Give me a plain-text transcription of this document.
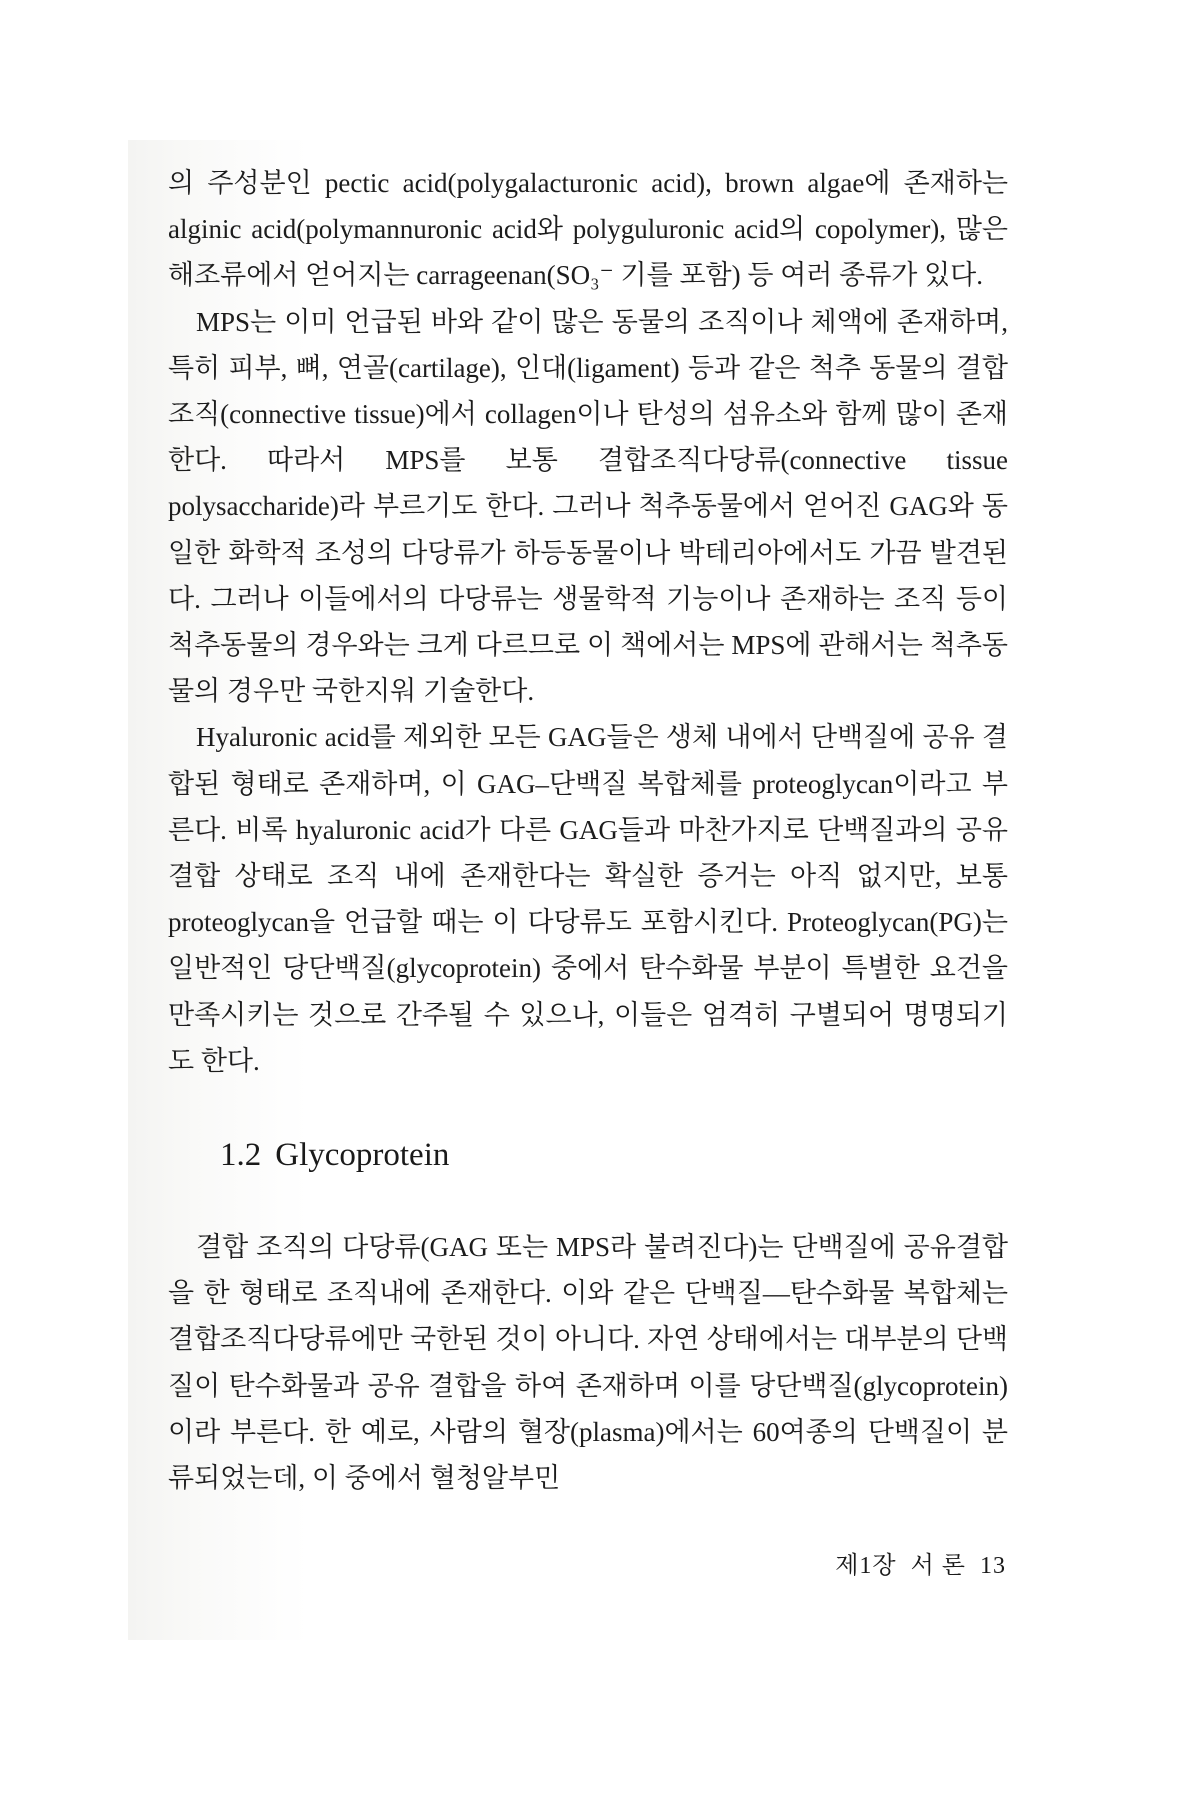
의 주성분인 pectic acid(polygalacturonic acid), brown algae에 존재하는 alginic acid(polymannuronic acid와 polyguluronic acid의 copolymer), 많은 해조류에서 얻어지는 carrageenan(SO₃⁻ 기를 포함) 등 여러 종류가 있다.

MPS는 이미 언급된 바와 같이 많은 동물의 조직이나 체액에 존재하며, 특히 피부, 뼈, 연골(cartilage), 인대(ligament) 등과 같은 척추 동물의 결합조직(connective tissue)에서 collagen이나 탄성의 섬유소와 함께 많이 존재한다. 따라서 MPS를 보통 결합조직다당류(connective tissue polysaccharide)라 부르기도 한다. 그러나 척추동물에서 얻어진 GAG와 동일한 화학적 조성의 다당류가 하등동물이나 박테리아에서도 가끔 발견된다. 그러나 이들에서의 다당류는 생물학적 기능이나 존재하는 조직 등이 척추동물의 경우와는 크게 다르므로 이 책에서는 MPS에 관해서는 척추동물의 경우만 국한지워 기술한다.

Hyaluronic acid를 제외한 모든 GAG들은 생체 내에서 단백질에 공유 결합된 형태로 존재하며, 이 GAG–단백질 복합체를 proteoglycan이라고 부른다. 비록 hyaluronic acid가 다른 GAG들과 마찬가지로 단백질과의 공유 결합 상태로 조직 내에 존재한다는 확실한 증거는 아직 없지만, 보통 proteoglycan을 언급할 때는 이 다당류도 포함시킨다. Proteoglycan(PG)는 일반적인 당단백질(glycoprotein) 중에서 탄수화물 부분이 특별한 요건을 만족시키는 것으로 간주될 수 있으나, 이들은 엄격히 구별되어 명명되기도 한다.

1.2 Glycoprotein

결합 조직의 다당류(GAG 또는 MPS라 불려진다)는 단백질에 공유결합을 한 형태로 조직내에 존재한다. 이와 같은 단백질—탄수화물 복합체는 결합조직다당류에만 국한된 것이 아니다. 자연 상태에서는 대부분의 단백질이 탄수화물과 공유 결합을 하여 존재하며 이를 당단백질(glycoprotein)이라 부른다. 한 예로, 사람의 혈장(plasma)에서는 60여종의 단백질이 분류되었는데, 이 중에서 혈청알부민

제1장 서 론 13
